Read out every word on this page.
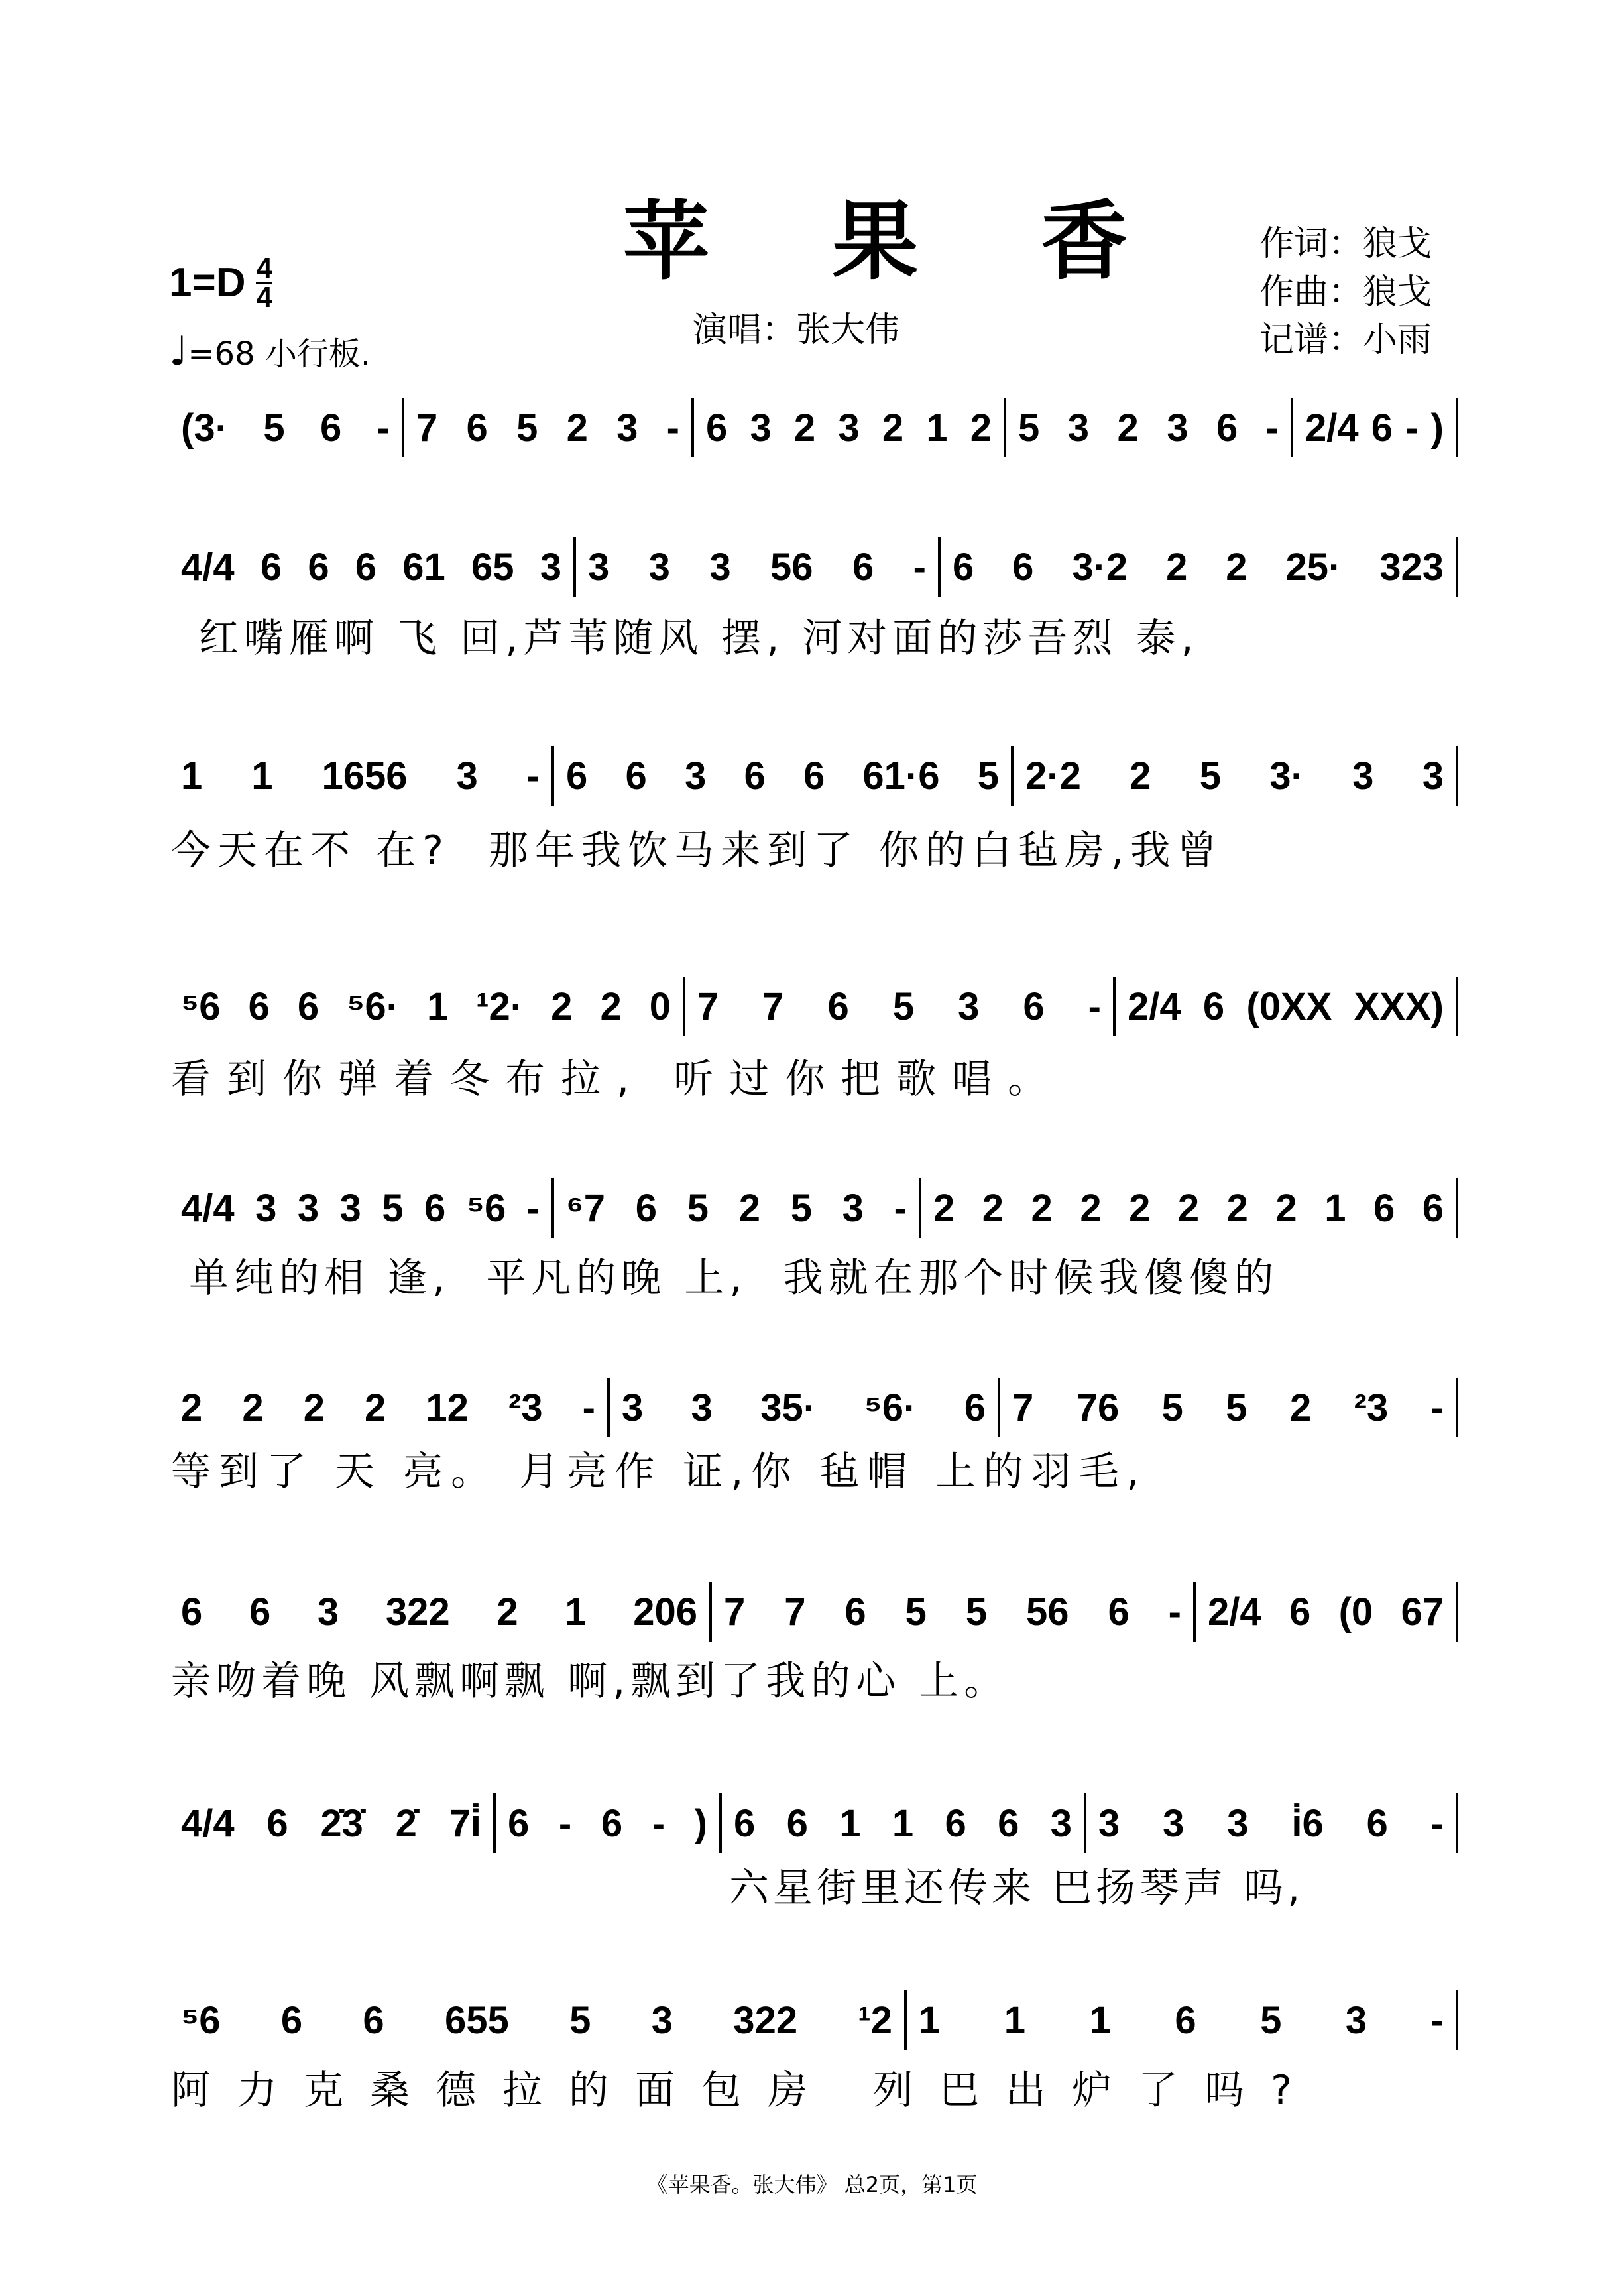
苹 果 香
$1=D \frac{4}{4}$
♩=68 小行板.
演唱：张大伟
作词：狼戈
作曲：狼戈
记谱：小雨
(3· 5 6 - 7 6 5 2 3 - 6 3 2 3 2 1 2 5 3 2 3 6 - 2/4 6 - )
4/4 6 6 6 61 65 3 3 3 3 56 6 - 6 6 3·2 2 2 25· 323
红嘴雁啊 飞 回,芦苇随风 摆, 河对面的莎吾烈 泰,
1 1 1656 3 - 6 6 3 6 6 61·6 5 2·2 2 5 3· 3 3
今天在不 在?  那年我饮马来到了 你的白毡房,我曾
⁵6 6 6 ⁵6· 1 ¹2· 2 2 0 7 7 6 5 3 6 - 2/4 6 (0XX XXX)
看到你弹着冬布拉, 听过你把歌唱。
4/4 3 3 3 5 6 ⁵6 - ⁶7 6 5 2 5 3 - 2 2 2 2 2 2 2 2 1 6 6
单纯的相 逢,  平凡的晚 上,  我就在那个时候我傻傻的
2 2 2 2 12 ²3 - 3 3 35· ⁵6· 6 7 76 5 5 2 ²3 -
等到了 天 亮。 月亮作 证,你 毡帽 上的羽毛,
6 6 3 322 2 1 206 7 7 6 5 5 56 6 - 2/4 6 (0 67
亲吻着晚 风飘啊飘 啊,飘到了我的心 上。
4/4 6 2̇3̇ 2̇ 7i̇ 6 - 6 - ) 6 6 1 1 6 6 3 3 3 3 i̇6 6 -
六星街里还传来 巴扬琴声 吗,
⁵6 6 6 655 5 3 322 ¹2 1 1 1 6 5 3 -
阿力克桑德拉的面包房 列巴出炉了吗?
《苹果香。张大伟》 总2页，第1页
